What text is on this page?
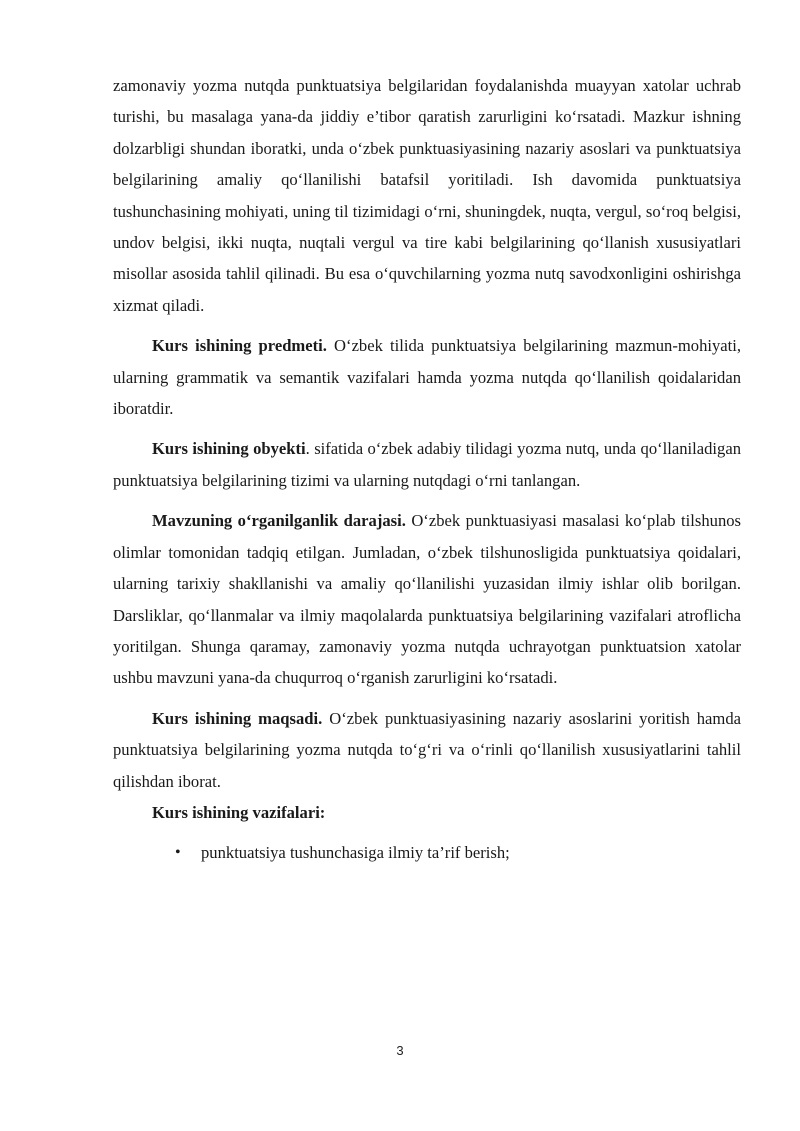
zamonaviy yozma nutqda punktuatsiya belgilaridan foydalanishda muayyan xatolar uchrab turishi, bu masalaga yana-da jiddiy e’tibor qaratish zarurligini ko‘rsatadi. Mazkur ishning dolzarbligi shundan iboratki, unda o‘zbek punktuasiyasining nazariy asoslari va punktuatsiya belgilarining amaliy qo‘llanilishi batafsil yoritiladi. Ish davomida punktuatsiya tushunchasining mohiyati, uning til tizimidagi o‘rni, shuningdek, nuqta, vergul, so‘roq belgisi, undov belgisi, ikki nuqta, nuqtali vergul va tire kabi belgilarining qo‘llanish xususiyatlari misollar asosida tahlil qilinadi. Bu esa o‘quvchilarning yozma nutq savodxonligini oshirishga xizmat qiladi.

Kurs ishining predmeti. O‘zbek tilida punktuatsiya belgilarining mazmun-mohiyati, ularning grammatik va semantik vazifalari hamda yozma nutqda qo‘llanilish qoidalaridan iboratdir.

Kurs ishining obyekti. sifatida o‘zbek adabiy tilidagi yozma nutq, unda qo‘llaniladigan punktuatsiya belgilarining tizimi va ularning nutqdagi o‘rni tanlangan.

Mavzuning o‘rganilganlik darajasi. O‘zbek punktuasiyasi masalasi ko‘plab tilshunos olimlar tomonidan tadqiq etilgan. Jumladan, o‘zbek tilshunosligida punktuatsiya qoidalari, ularning tarixiy shakllanishi va amaliy qo‘llanilishi yuzasidan ilmiy ishlar olib borilgan. Darsliklar, qo‘llanmalar va ilmiy maqolalarda punktuatsiya belgilarining vazifalari atroflicha yoritilgan. Shunga qaramay, zamonaviy yozma nutqda uchrayotgan punktuatsion xatolar ushbu mavzuni yana-da chuqurroq o‘rganish zarurligini ko‘rsatadi.

Kurs ishining maqsadi. O‘zbek punktuasiyasining nazariy asoslarini yoritish hamda punktuatsiya belgilarining yozma nutqda to‘g‘ri va o‘rinli qo‘llanilish xususiyatlarini tahlil qilishdan iborat.

Kurs ishining vazifalari:

• punktuatsiya tushunchasiga ilmiy ta’rif berish;
3
